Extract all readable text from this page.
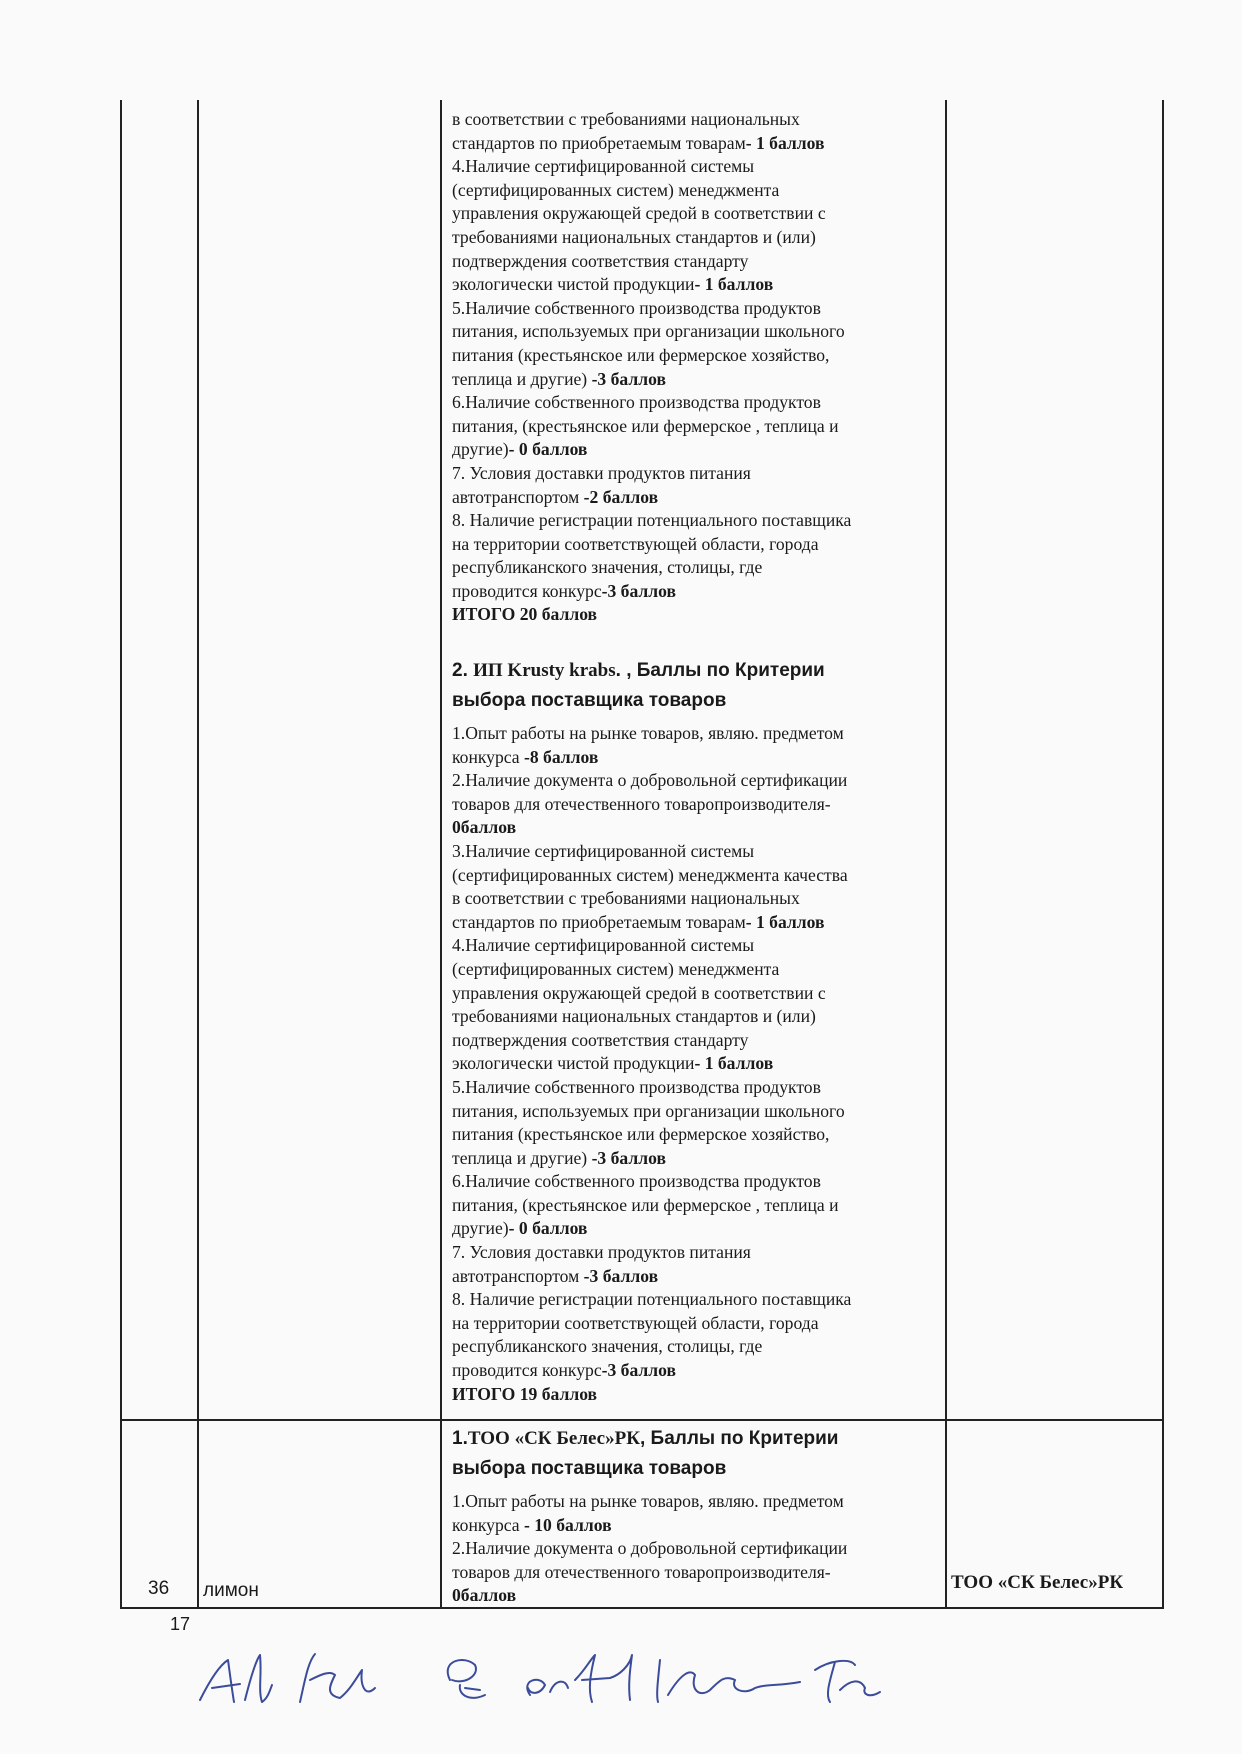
в соответствии с требованиями национальных
стандартов по приобретаемым товарам- 1 баллов
4.Наличие сертифицированной системы
(сертифицированных систем) менеджмента
управления окружающей средой в соответствии с
требованиями национальных стандартов и (или)
подтверждения соответствия стандарту
экологически чистой продукции- 1 баллов
5.Наличие собственного производства продуктов
питания, используемых при организации школьного
питания (крестьянское или фермерское хозяйство,
теплица и другие) -3 баллов
6.Наличие собственного производства продуктов
питания, (крестьянское или фермерское , теплица и
другие)- 0 баллов
7. Условия доставки продуктов питания
автотранспортом -2 баллов
8. Наличие регистрации потенциального поставщика
на территории соответствующей области, города
республиканского значения, столицы, где
проводится конкурс-3 баллов
ИТОГО 20 баллов
2. ИП Krusty krabs. , Баллы по Критерии
выбора поставщика товаров
1.Опыт работы на рынке товаров, являю. предметом
конкурса -8 баллов
2.Наличие документа о добровольной сертификации
товаров для отечественного товаропроизводителя-
0баллов
3.Наличие сертифицированной системы
(сертифицированных систем) менеджмента качества
в соответствии с требованиями национальных
стандартов по приобретаемым товарам- 1 баллов
4.Наличие сертифицированной системы
(сертифицированных систем) менеджмента
управления окружающей средой в соответствии с
требованиями национальных стандартов и (или)
подтверждения соответствия стандарту
экологически чистой продукции- 1 баллов
5.Наличие собственного производства продуктов
питания, используемых при организации школьного
питания (крестьянское или фермерское хозяйство,
теплица и другие) -3 баллов
6.Наличие собственного производства продуктов
питания, (крестьянское или фермерское , теплица и
другие)- 0 баллов
7. Условия доставки продуктов питания
автотранспортом -3 баллов
8. Наличие регистрации потенциального поставщика
на территории соответствующей области, города
республиканского значения, столицы, где
проводится конкурс-3 баллов
ИТОГО 19 баллов
36 лимон
1.ТОО «СК Белес»РК, Баллы по Критерии
выбора поставщика товаров
1.Опыт работы на рынке товаров, являю. предметом
конкурса - 10 баллов
2.Наличие документа о добровольной сертификации
товаров для отечественного товаропроизводителя-
0баллов
ТОО «СК Белес»РК
17
